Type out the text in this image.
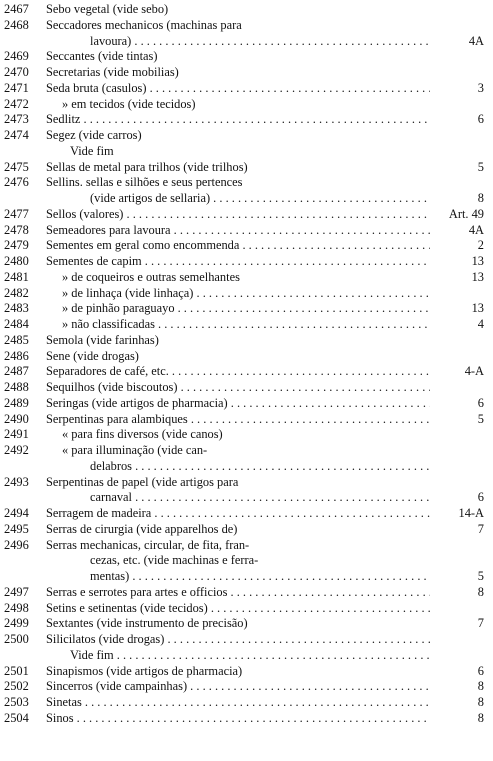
2467	Sebo vegetal (vide sebo)
2468	Seccadores mechanicos (machinas para
lavoura) . . .	4A
2469	Seccantes (vide tintas)
2470	Secretarias (vide mobilias)
2471	Seda bruta (casulos) . . .	3
2472	» em tecidos (vide tecidos)
2473	Sedlitz . . .	6
2474	Segez (vide carros)
Vide fim
2475	Sellas de metal para trilhos (vide trilhos)	5
2476	Sellins. sellas e silhões e seus pertences
(vide artigos de sellaria) . . .	8
2477	Sellos (valores) . . .	Art. 49
2478	Semeadores para lavoura . . .	4A
2479	Sementes em geral como encommenda . . .	2
2480	Sementes de capim . . .	13
2481	» de coqueiros e outras semelhantes	13
2482	» de linhaça (vide linhaça) . . .
2483	» de pinhão paraguayo . . .	13
2484	» não classificadas . . .	4
2485	Semola (vide farinhas)
2486	Sene (vide drogas)
2487	Separadores de café, etc. . . .	4-A
2488	Sequilhos (vide biscoutos) . . .
2489	Seringas (vide artigos de pharmacia) . . .	6
2490	Serpentinas para alambiques . . .	5
2491	« para fins diversos (vide canos)
2492	« para illuminação (vide can-
delabros . . .
2493	Serpentinas de papel (vide artigos para
carnaval . . .	6
2494	Serragem de madeira . . .	14-A
2495	Serras de cirurgia (vide apparelhos de)	7
2496	Serras mechanicas, circular, de fita, fran-
cezas, etc. (vide machinas e ferra-
mentas) . . .	5
2497	Serras e serrotes para artes e officios . . .	8
2498	Setins e setinentas (vide tecidos) . . .
2499	Sextantes (vide instrumento de precisão)	7
2500	Silicilatos (vide drogas) . . .
Vide fim . . .
2501	Sinapismos (vide artigos de pharmacia)	6
2502	Sincerros (vide campainhas) . . .	8
2503	Sinetas . . .	8
2504	Sinos . . .	8
